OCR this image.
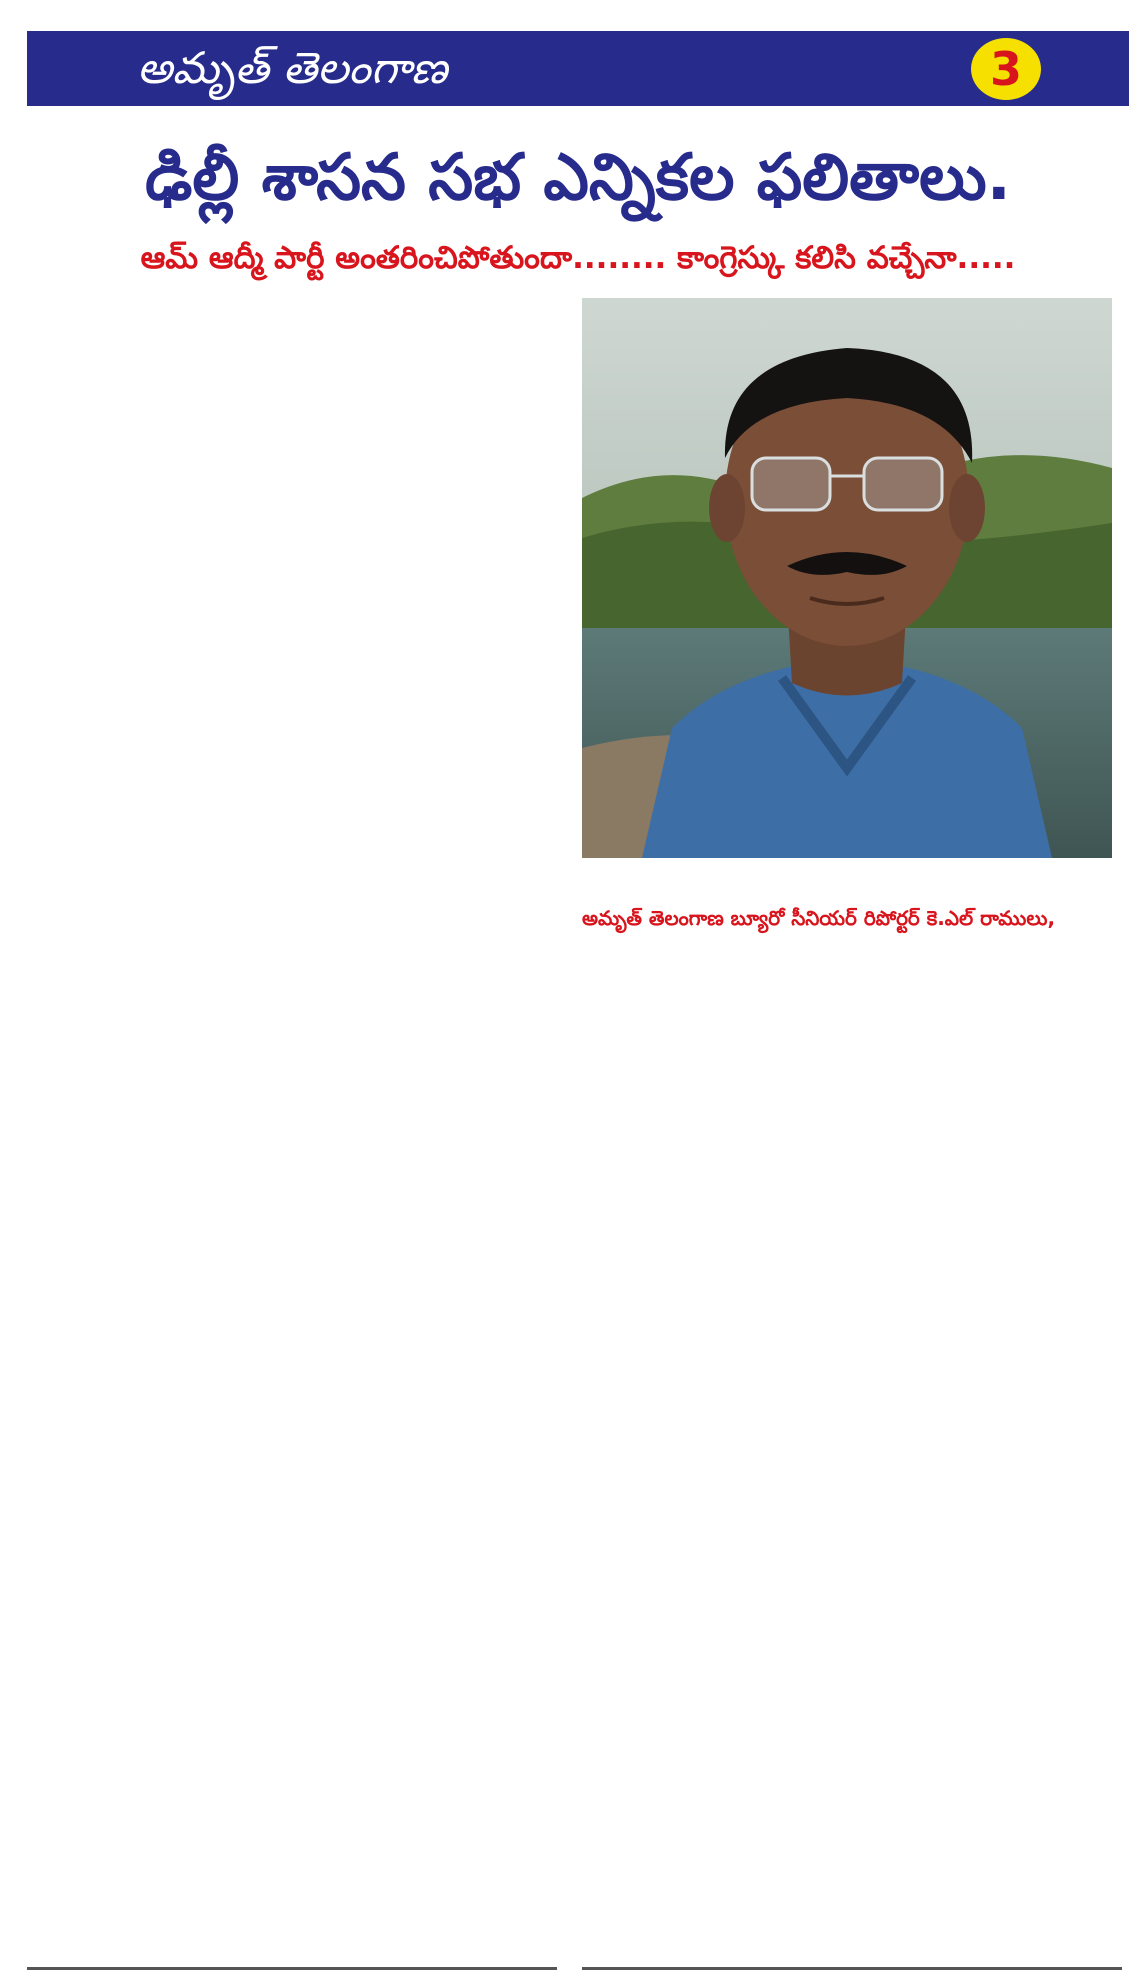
అమృత్ తెలంగాణ	3
ఢిల్లీ శాసన సభ ఎన్నికల ఫలితాలు.
ఆమ్ ఆద్మీ పార్టీ అంతరించిపోతుందా........ కాంగ్రెస్కు కలిసి వచ్చేనా.....
అమృత్ తెలంగాణ బ్యూరో సీనియర్ రిపోర్టర్ కె.ఎల్ రాములు,
